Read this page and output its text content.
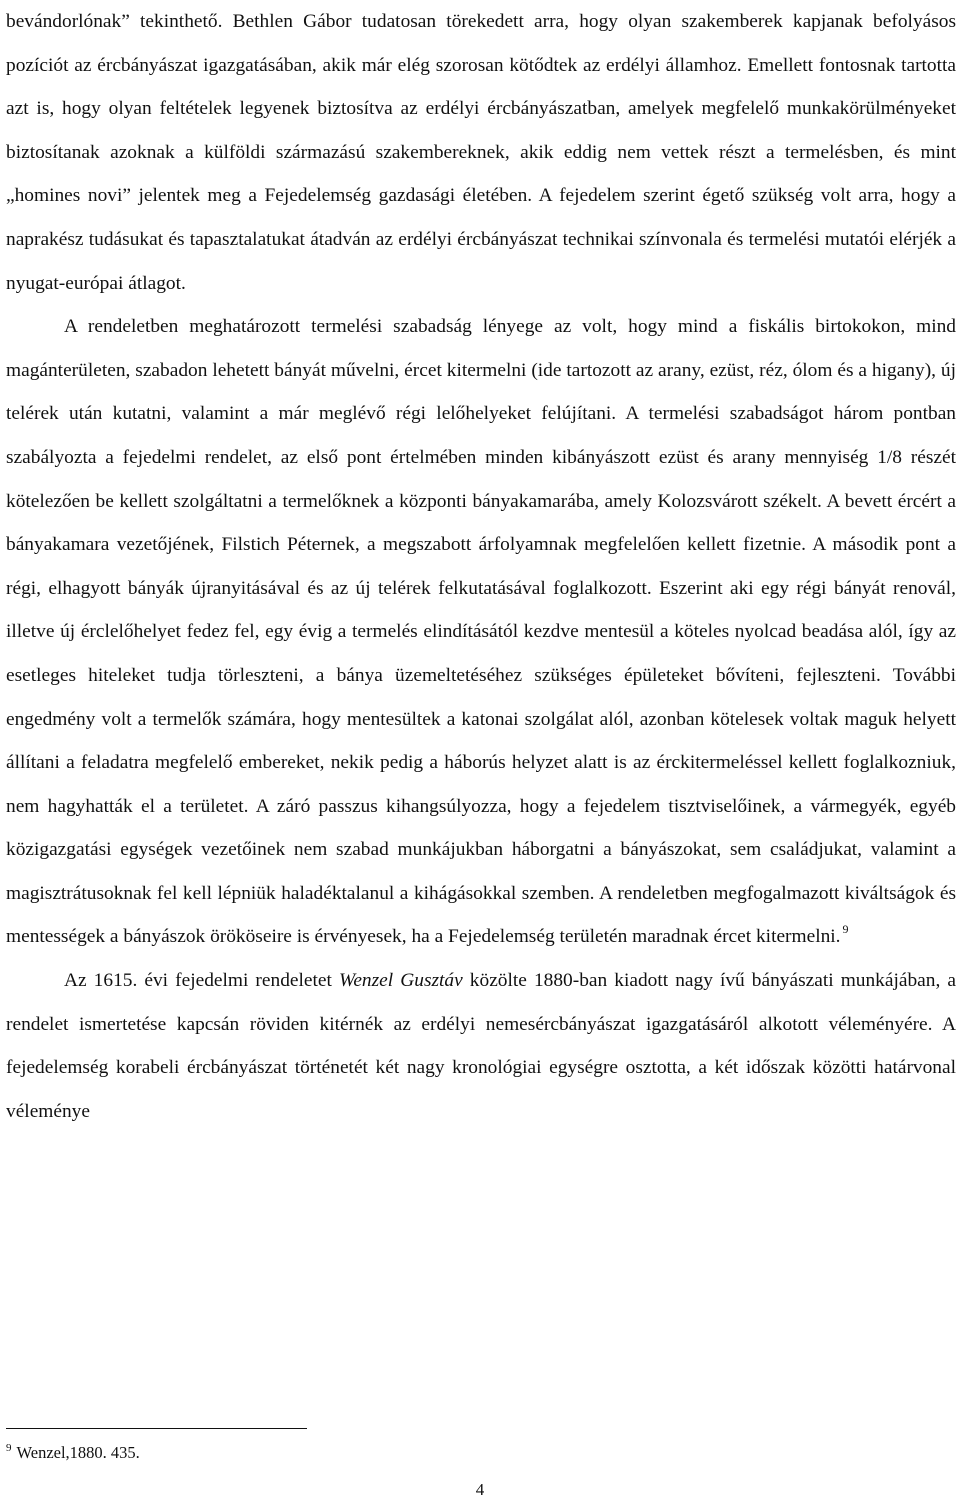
bevándorlónak” tekinthető. Bethlen Gábor tudatosan törekedett arra, hogy olyan szakemberek kapjanak befolyásos pozíciót az ércbányászat igazgatásában, akik már elég szorosan kötődtek az erdélyi államhoz. Emellett fontosnak tartotta azt is, hogy olyan feltételek legyenek biztosítva az erdélyi ércbányászatban, amelyek megfelelő munkakörülményeket biztosítanak azoknak a külföldi származású szakembereknek, akik eddig nem vettek részt a termelésben, és mint „homines novi” jelentek meg a Fejedelemség gazdasági életében. A fejedelem szerint égető szükség volt arra, hogy a naprakész tudásukat és tapasztalatukat átadván az erdélyi ércbányászat technikai színvonala és termelési mutatói elérjék a nyugat-európai átlagot.

A rendeletben meghatározott termelési szabadság lényege az volt, hogy mind a fiskális birtokokon, mind magánterületen, szabadon lehetett bányát művelni, ércet kitermelni (ide tartozott az arany, ezüst, réz, ólom és a higany), új telérek után kutatni, valamint a már meglévő régi lelőhelyeket felújítani. A termelési szabadságot három pontban szabályozta a fejedelmi rendelet, az első pont értelmében minden kibányászott ezüst és arany mennyiség 1/8 részét kötelezően be kellett szolgáltatni a termelőknek a központi bányakamarába, amely Kolozsvárott székelt. A bevett ércért a bányakamara vezetőjének, Filstich Péternek, a megszabott árfolyamnak megfelelően kellett fizetnie. A második pont a régi, elhagyott bányák újranyitásával és az új telérek felkutatásával foglalkozott. Eszerint aki egy régi bányát renovál, illetve új érclelőhelyet fedez fel, egy évig a termelés elindításától kezdve mentesül a köteles nyolcad beadása alól, így az esetleges hiteleket tudja törleszteni, a bánya üzemeltetéséhez szükséges épületeket bővíteni, fejleszteni. További engedmény volt a termelők számára, hogy mentesültek a katonai szolgálat alól, azonban kötelesek voltak maguk helyett állítani a feladatra megfelelő embereket, nekik pedig a háborús helyzet alatt is az érckitermeléssel kellett foglalkozniuk, nem hagyhatták el a területet. A záró passzus kihangsúlyozza, hogy a fejedelem tisztviselőinek, a vármegyék, egyéb közigazgatási egységek vezetőinek nem szabad munkájukban háborgatni a bányászokat, sem családjukat, valamint a magisztrátusoknak fel kell lépniük haladéktalanul a kihágásokkal szemben. A rendeletben megfogalmazott kiváltságok és mentességek a bányászok örököseire is érvényesek, ha a Fejedelemség területén maradnak ércet kitermelni. $^9$

Az 1615. évi fejedelmi rendeletet Wenzel Gusztáv közölte 1880-ban kiadott nagy ívű bányászati munkájában, a rendelet ismertetése kapcsán röviden kitérnék az erdélyi nemesércbányászat igazgatásáról alkotott véleményére. A fejedelemség korabeli ércbányászat történetét két nagy kronológiai egységre osztotta, a két időszak közötti határvonal véleménye

$^9$ Wenzel,1880. 435.
4
